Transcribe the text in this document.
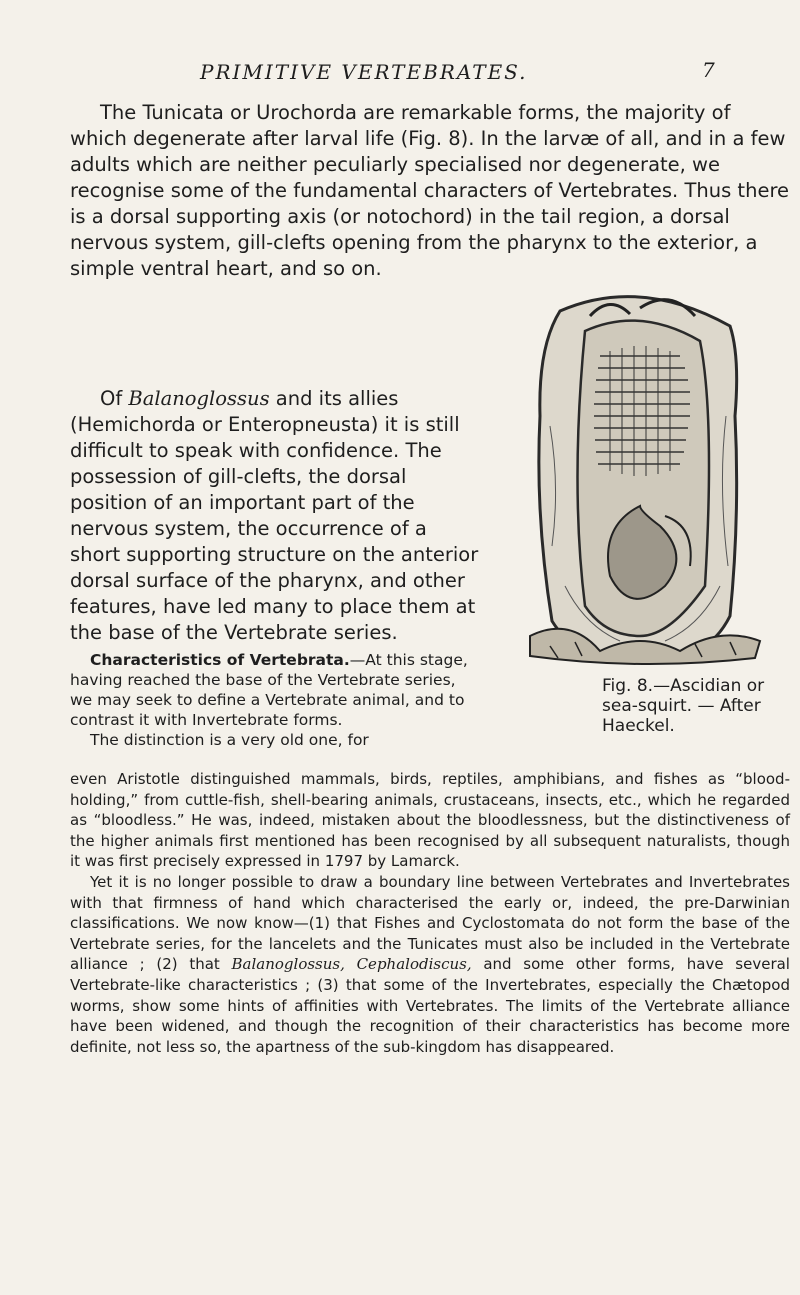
PRIMITIVE VERTEBRATES.	7

The Tunicata or Urochorda are remarkable forms, the majority of which degenerate after larval life (Fig. 8). In the larvæ of all, and in a few adults which are neither peculiarly specialised nor degenerate, we recognise some of the fundamental characters of Vertebrates. Thus there is a dorsal supporting axis (or notochord) in the tail region, a dorsal nervous system, gill-clefts opening from the pharynx to the exterior, a simple ventral heart, and so on.

Of Balanoglossus and its allies (Hemichorda or Enteropneusta) it is still difficult to speak with confidence. The possession of gill-clefts, the dorsal position of an important part of the nervous system, the occurrence of a short supporting structure on the anterior dorsal surface of the pharynx, and other features, have led many to place them at the base of the Vertebrate series.

Fig. 8.—Ascidian or sea-squirt. — After Haeckel.

Characteristics of Vertebrata.—At this stage, having reached the base of the Vertebrate series, we may seek to define a Vertebrate animal, and to contrast it with Invertebrate forms.

The distinction is a very old one, for

even Aristotle distinguished mammals, birds, reptiles, amphibians, and fishes as “blood-holding,” from cuttle-fish, shell-bearing animals, crustaceans, insects, etc., which he regarded as “bloodless.” He was, indeed, mistaken about the bloodlessness, but the distinctiveness of the higher animals first mentioned has been recognised by all subsequent naturalists, though it was first precisely expressed in 1797 by Lamarck.

Yet it is no longer possible to draw a boundary line between Vertebrates and Invertebrates with that firmness of hand which characterised the early or, indeed, the pre-Darwinian classifications. We now know—(1) that Fishes and Cyclostomata do not form the base of the Vertebrate series, for the lancelets and the Tunicates must also be included in the Vertebrate alliance ; (2) that Balanoglossus, Cephalodiscus, and some other forms, have several Vertebrate-like characteristics ; (3) that some of the Invertebrates, especially the Chætopod worms, show some hints of affinities with Vertebrates. The limits of the Vertebrate alliance have been widened, and though the recognition of their characteristics has become more definite, not less so, the apartness of the sub-kingdom has disappeared.
